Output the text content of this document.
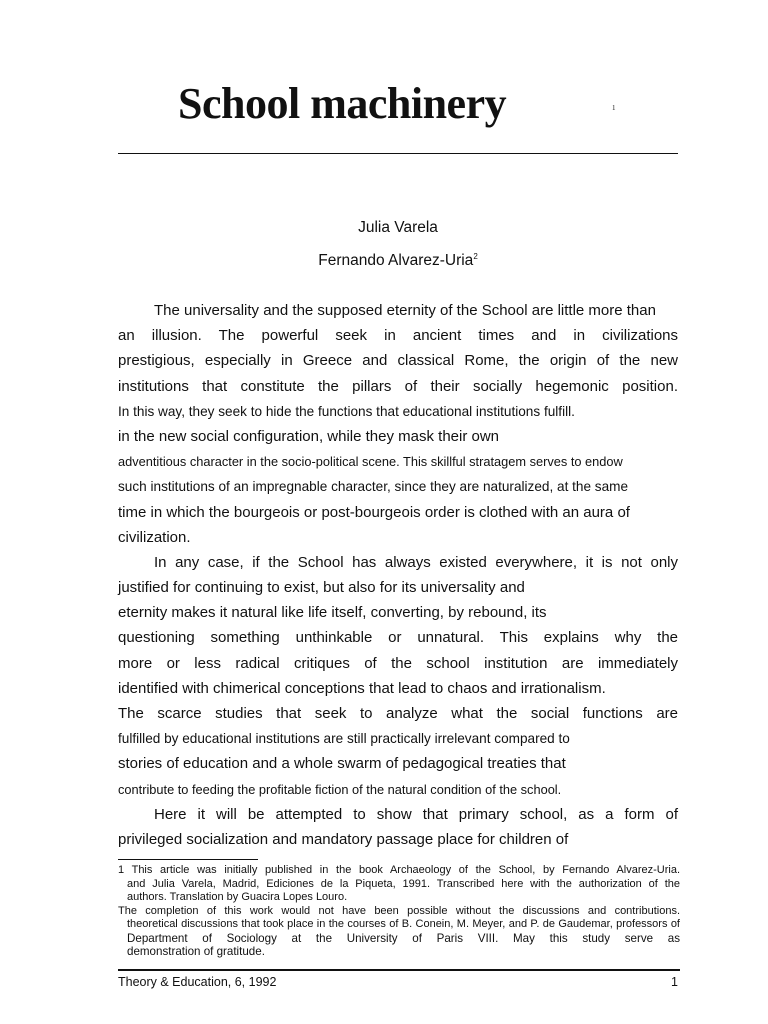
School machinery	1
Julia Varela
Fernando Alvarez-Uria$^2$
The universality and the supposed eternity of the School are little more than
an illusion. The powerful seek in ancient times and in civilizations
prestigious, especially in Greece and classical Rome, the origin of the new
institutions that constitute the pillars of their socially hegemonic position.
In this way, they seek to hide the functions that educational institutions fulfill.
in the new social configuration, while they mask their own
adventitious character in the socio-political scene. This skillful stratagem serves to endow
such institutions of an impregnable character, since they are naturalized, at the same
time in which the bourgeois or post-bourgeois order is clothed with an aura of
civilization.
In any case, if the School has always existed everywhere, it is not only
justified for continuing to exist, but also for its universality and
eternity makes it natural like life itself, converting, by rebound, its
questioning something unthinkable or unnatural. This explains why the
more or less radical critiques of the school institution are immediately
identified with chimerical conceptions that lead to chaos and irrationalism.
The scarce studies that seek to analyze what the social functions are
fulfilled by educational institutions are still practically irrelevant compared to
stories of education and a whole swarm of pedagogical treaties that
contribute to feeding the profitable fiction of the natural condition of the school.
Here it will be attempted to show that primary school, as a form of
privileged socialization and mandatory passage place for children of
1 This article was initially published in the book Archaeology of the School, by Fernando Alvarez-Uria.
and Julia Varela, Madrid, Ediciones de la Piqueta, 1991. Transcribed here with the authorization of the
authors. Translation by Guacira Lopes Louro.
The completion of this work would not have been possible without the discussions and contributions.
theoretical discussions that took place in the courses of B. Conein, M. Meyer, and P. de Gaudemar, professors of
Department of Sociology at the University of Paris VIII. May this study serve as
demonstration of gratitude.
Theory & Education, 6, 1992	1
